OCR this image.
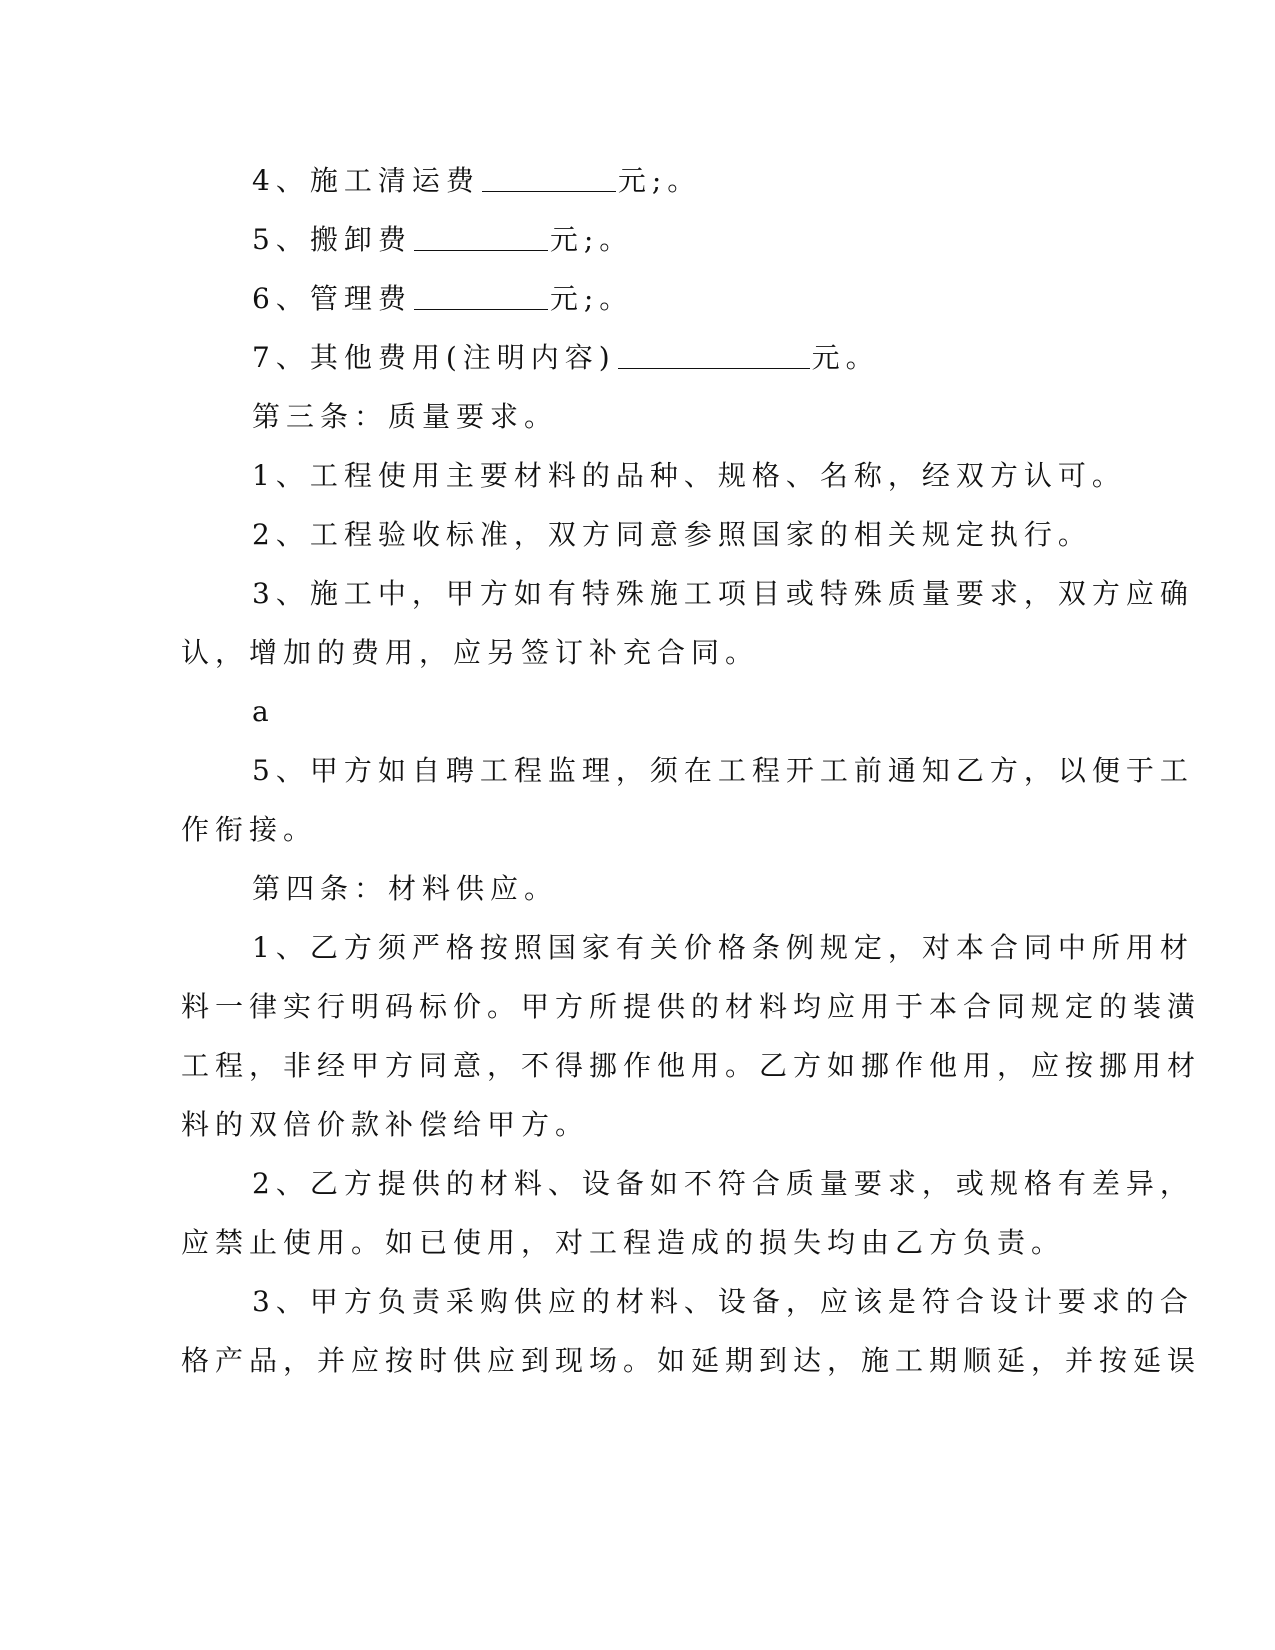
4、施工清运费	元;。
5、搬卸费	元;。
6、管理费	元;。
7、其他费用(注明内容)	元。
第三条：质量要求。
1、工程使用主要材料的品种、规格、名称，经双方认可。
2、工程验收标准，双方同意参照国家的相关规定执行。
3、施工中，甲方如有特殊施工项目或特殊质量要求，双方应确
认，增加的费用，应另签订补充合同。
a
5、甲方如自聘工程监理，须在工程开工前通知乙方，以便于工
作衔接。
第四条：材料供应。
1、乙方须严格按照国家有关价格条例规定，对本合同中所用材
料一律实行明码标价。甲方所提供的材料均应用于本合同规定的装潢
工程，非经甲方同意，不得挪作他用。乙方如挪作他用，应按挪用材
料的双倍价款补偿给甲方。
2、乙方提供的材料、设备如不符合质量要求，或规格有差异，
应禁止使用。如已使用，对工程造成的损失均由乙方负责。
3、甲方负责采购供应的材料、设备，应该是符合设计要求的合
格产品，并应按时供应到现场。如延期到达，施工期顺延，并按延误
